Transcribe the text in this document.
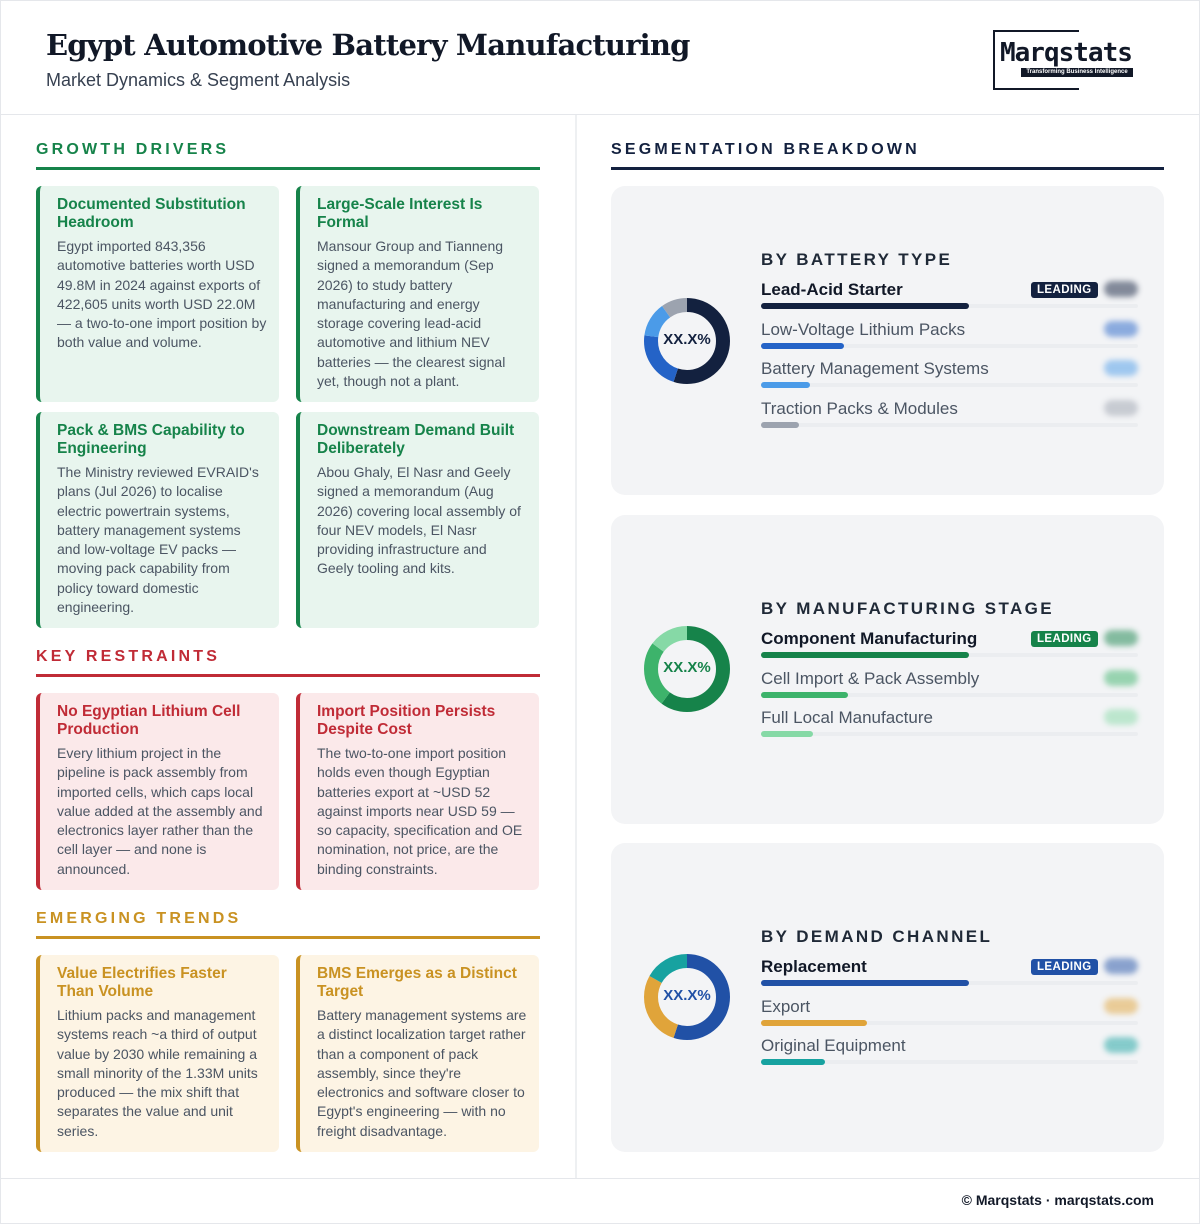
Egypt Automotive Battery Manufacturing
Market Dynamics & Segment Analysis
Marqstats
Transforming Business Intelligence
GROWTH DRIVERS
Documented Substitution Headroom
Egypt imported 843,356 automotive batteries worth USD 49.8M in 2024 against exports of 422,605 units worth USD 22.0M — a two-to-one import position by both value and volume.
Large-Scale Interest Is Formal
Mansour Group and Tianneng signed a memorandum (Sep 2026) to study battery manufacturing and energy storage covering lead-acid automotive and lithium NEV batteries — the clearest signal yet, though not a plant.
Pack & BMS Capability to Engineering
The Ministry reviewed EVRAID's plans (Jul 2026) to localise electric powertrain systems, battery management systems and low-voltage EV packs — moving pack capability from policy toward domestic engineering.
Downstream Demand Built Deliberately
Abou Ghaly, El Nasr and Geely signed a memorandum (Aug 2026) covering local assembly of four NEV models, El Nasr providing infrastructure and Geely tooling and kits.
KEY RESTRAINTS
No Egyptian Lithium Cell Production
Every lithium project in the pipeline is pack assembly from imported cells, which caps local value added at the assembly and electronics layer rather than the cell layer — and none is announced.
Import Position Persists Despite Cost
The two-to-one import position holds even though Egyptian batteries export at ~USD 52 against imports near USD 59 — so capacity, specification and OE nomination, not price, are the binding constraints.
EMERGING TRENDS
Value Electrifies Faster Than Volume
Lithium packs and management systems reach ~a third of output value by 2030 while remaining a small minority of the 1.33M units produced — the mix shift that separates the value and unit series.
BMS Emerges as a Distinct Target
Battery management systems are a distinct localization target rather than a component of pack assembly, since they're electronics and software closer to Egypt's engineering — with no freight disadvantage.
SEGMENTATION BREAKDOWN
BY BATTERY TYPE
XX.X%
Lead-Acid Starter	LEADING
Low-Voltage Lithium Packs
Battery Management Systems
Traction Packs & Modules
BY MANUFACTURING STAGE
XX.X%
Component Manufacturing	LEADING
Cell Import & Pack Assembly
Full Local Manufacture
BY DEMAND CHANNEL
XX.X%
Replacement	LEADING
Export
Original Equipment
© Marqstats · marqstats.com
